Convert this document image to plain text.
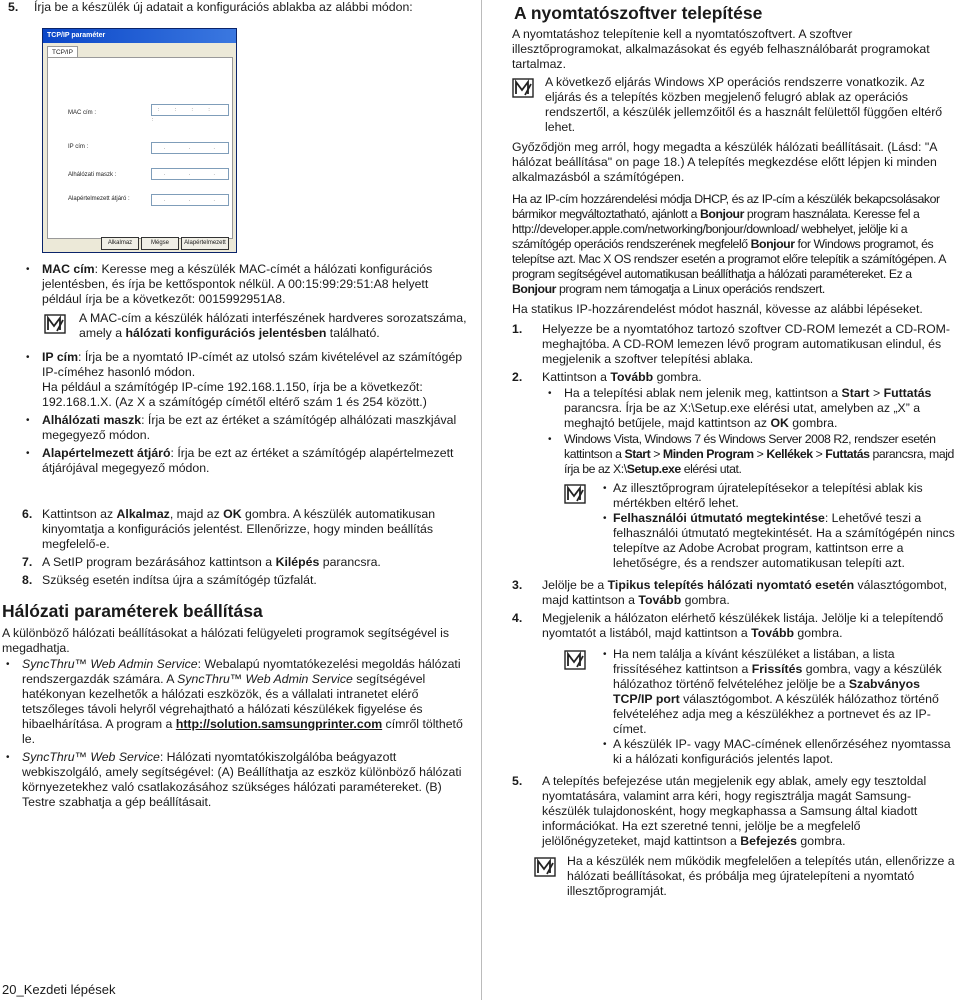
5.	Írja be a készülék új adatait a konfigurációs ablakba az alábbi módon:

TCP/IP paraméter
TCP/IP
MAC cím :	: : : : :
IP cím :	. . .
Alhálózati maszk :	. . .
Alapértelmezett átjáró :	. . .
Alkalmaz	Mégse	Alapértelmezett
• MAC cím: Keresse meg a készülék MAC-címét a hálózati konfigurációs jelentésben, és írja be kettőspontok nélkül. A 00:15:99:29:51:A8 helyett például írja be a következőt: 0015992951A8.
A MAC-cím a készülék hálózati interfészének hardveres sorozatszáma, amely a hálózati konfigurációs jelentésben található.
• IP cím: Írja be a nyomtató IP-címét az utolsó szám kivételével az számítógép IP-címéhez hasonló módon.

Ha például a számítógép IP-címe 192.168.1.150, írja be a következőt: 192.168.1.X. (Az X a számítógép címétől eltérő szám 1 és 254 között.)

• Alhálózati maszk: Írja be ezt az értéket a számítógép alhálózati maszkjával megegyező módon.
• Alapértelmezett átjáró: Írja be ezt az értéket a számítógép alapértelmezett átjárójával megegyező módon.
6. Kattintson az Alkalmaz, majd az OK gombra. A készülék automatikusan kinyomtatja a konfigurációs jelentést. Ellenőrizze, hogy minden beállítás megfelelő-e.
7. A SetIP program bezárásához kattintson a Kilépés parancsra.
8. Szükség esetén indítsa újra a számítógép tűzfalát.
Hálózati paraméterek beállítása

A különböző hálózati beállításokat a hálózati felügyeleti programok segítségével is megadhatja.

• SyncThru™ Web Admin Service: Webalapú nyomtatókezelési megoldás hálózati rendszergazdák számára. A SyncThru™ Web Admin Service segítségével hatékonyan kezelhetők a hálózati eszközök, és a vállalati intranetet elérő tetszőleges távoli helyről végrehajtható a hálózati készülékek figyelése és hibaelhárítása. A program a http://solution.samsungprinter.com címről tölthető le.
• SyncThru™ Web Service: Hálózati nyomtatókiszolgálóba beágyazott webkiszolgáló, amely segítségével: (A) Beállíthatja az eszköz különböző hálózati környezetekhez való csatlakozásához szükséges hálózati paramétereket. (B) Testre szabhatja a gép beállításait.
20_Kezdeti lépések
A nyomtatószoftver telepítése

A nyomtatáshoz telepítenie kell a nyomtatószoftvert. A szoftver illesztőprogramokat, alkalmazásokat és egyéb felhasználóbarát programokat tartalmaz.

A következő eljárás Windows XP operációs rendszerre vonatkozik. Az eljárás és a telepítés közben megjelenő felugró ablak az operációs rendszertől, a készülék jellemzőitől és a használt felülettől függően eltérő lehet.

Győződjön meg arról, hogy megadta a készülék hálózati beállításait. (Lásd: "A hálózat beállítása" on page 18.) A telepítés megkezdése előtt lépjen ki minden alkalmazásból a számítógépen.

Ha az IP-cím hozzárendelési módja DHCP, és az IP-cím a készülék bekapcsolásakor bármikor megváltoztatható, ajánlott a Bonjour program használata. Keresse fel a http://developer.apple.com/networking/bonjour/download/ webhelyet, jelölje ki a számítógép operációs rendszerének megfelelő Bonjour for Windows programot, és telepítse azt. Mac X OS rendszer esetén a programot előre telepítik a számítógépen. A program segítségével automatikusan beállíthatja a hálózati paramétereket. Ez a Bonjour program nem támogatja a Linux operációs rendszert.

Ha statikus IP-hozzárendelést módot használ, kövesse az alábbi lépéseket.

1. Helyezze be a nyomtatóhoz tartozó szoftver CD-ROM lemezét a CD-ROM-meghajtóba. A CD-ROM lemezen lévő program automatikusan elindul, és megjelenik a szoftver telepítési ablaka.
2. Kattintson a Tovább gombra.
• Ha a telepítési ablak nem jelenik meg, kattintson a Start > Futtatás parancsra. Írja be az X:\Setup.exe elérési utat, amelyben az „X” a meghajtó betűjele, majd kattintson az OK gombra.
• Windows Vista, Windows 7 és Windows Server 2008 R2, rendszer esetén kattintson a Start > Minden Program > Kellékek > Futtatás parancsra, majd írja be az X:\Setup.exe elérési utat.
• Az illesztőprogram újratelepítésekor a telepítési ablak kis mértékben eltérő lehet.
• Felhasználói útmutató megtekintése: Lehetővé teszi a felhasználói útmutató megtekintését. Ha a számítógépén nincs telepítve az Adobe Acrobat program, kattintson erre a lehetőségre, és a rendszer automatikusan telepíti azt.
3. Jelölje be a Tipikus telepítés hálózati nyomtató esetén választógombot, majd kattintson a Tovább gombra.
4. Megjelenik a hálózaton elérhető készülékek listája. Jelölje ki a telepítendő nyomtatót a listából, majd kattintson a Tovább gombra.
• Ha nem találja a kívánt készüléket a listában, a lista frissítéséhez kattintson a Frissítés gombra, vagy a készülék hálózathoz történő felvételéhez jelölje be a Szabványos TCP/IP port választógombot. A készülék hálózathoz történő felvételéhez adja meg a készülékhez a portnevet és az IP-címet.
• A készülék IP- vagy MAC-címének ellenőrzéséhez nyomtassa ki a hálózati konfigurációs jelentés lapot.
5. A telepítés befejezése után megjelenik egy ablak, amely egy tesztoldal nyomtatására, valamint arra kéri, hogy regisztrálja magát Samsung-készülék tulajdonosként, hogy megkaphassa a Samsung által kiadott információkat. Ha ezt szeretné tenni, jelölje be a megfelelő jelölőnégyzeteket, majd kattintson a Befejezés gombra.
Ha a készülék nem működik megfelelően a telepítés után, ellenőrizze a hálózati beállításokat, és próbálja meg újratelepíteni a nyomtató illesztőprogramját.
